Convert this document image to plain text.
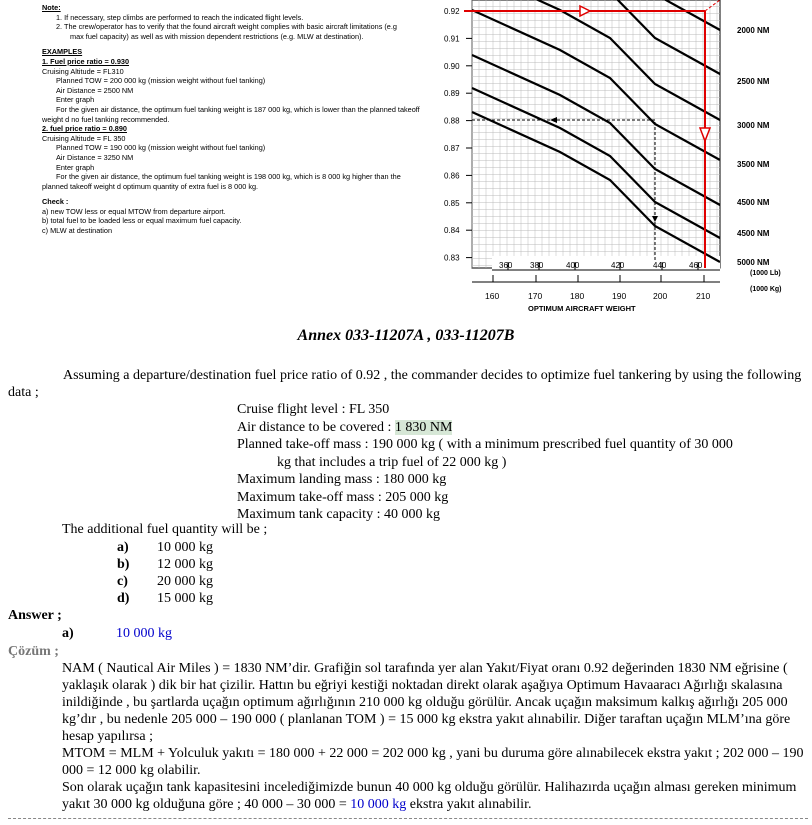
Note:
1. If necessary, step climbs are performed to reach the indicated flight levels.
2. The crew/operator has to verify that the found aircraft weight complies with basic aircraft limitations (e.g
max fuel capacity) as well as with mission dependent restrictions (e.g. MLW at destination).
EXAMPLES
1. Fuel price ratio = 0.930
Cruising Altitude = FL310
Planned TOW = 200 000 kg (mission weight without fuel tanking)
Air Distance = 2500 NM
Enter graph
For the given air distance, the optimum fuel tanking weight is 187 000 kg, which is lower than the planned takeoff
weight d no fuel tanking recommended.
2. fuel price ratio = 0.890
Cruising Altitude = FL 350
Planned TOW = 190 000 kg (mission weight without fuel tanking)
Air Distance = 3250 NM
Enter graph
For the given air distance, the optimum fuel tanking weight is 198 000 kg, which is 8 000 kg higher than the
planned takeoff weight d optimum quantity of extra fuel is 8 000 kg.
Check :
a) new TOW less or equal MTOW from departure airport.
b) total fuel to be loaded less or equal maximum fuel capacity.
c) MLW at destination
0.92
0.91
0.90
0.89
0.88
0.87
0.86
0.85
0.84
0.83
360 380	400	420	440	460
160	170	180	190	200	210
OPTIMUM AIRCRAFT WEIGHT
(1000 Lb)
(1000 Kg)
2000 NM
2500 NM
3000 NM
3500 NM
4500 NM
4500 NM
5000 NM
Annex 033-11207A , 033-11207B
Assuming a departure/destination fuel price ratio of 0.92 , the commander decides to optimize fuel tankering by using the following data ;
Cruise flight level : FL 350
Air distance to be covered : 1 830 NM
Planned take-off mass : 190 000 kg ( with a minimum prescribed fuel quantity of 30 000
kg that includes a trip fuel of 22 000 kg )
Maximum landing mass : 180 000 kg
Maximum take-off mass : 205 000 kg
Maximum tank capacity : 40 000 kg
The additional fuel quantity will be ;
a) 10 000 kg
b) 12 000 kg
c) 20 000 kg
d) 15 000 kg
Answer ;
a)	10 000 kg
Çözüm ;
NAM ( Nautical Air Miles ) = 1830 NM’dir. Grafiğin sol tarafında yer alan Yakıt/Fiyat oranı 0.92 değerinden 1830 NM eğrisine ( yaklaşık olarak ) dik bir hat çizilir. Hattın bu eğriyi kestiği noktadan direkt olarak aşağıya Optimum Havaaracı Ağırlığı skalasına inildiğinde , bu şartlarda uçağın optimum ağırlığının 210 000 kg olduğu görülür. Ancak uçağın maksimum kalkış ağırlığı 205 000 kg’dır , bu nedenle 205 000 – 190 000 ( planlanan TOM ) = 15 000 kg ekstra yakıt alınabilir. Diğer taraftan uçağın MLM’ına göre hesap yapılırsa ;
MTOM = MLM + Yolculuk yakıtı = 180 000 + 22 000 = 202 000 kg , yani bu duruma göre alınabilecek ekstra yakıt ; 202 000 – 190 000 = 12 000 kg olabilir.
Son olarak uçağın tank kapasitesini incelediğimizde bunun 40 000 kg olduğu görülür. Halihazırda uçağın alması gereken minimum yakıt 30 000 kg olduğuna göre ; 40 000 – 30 000 = 10 000 kg ekstra yakıt alınabilir.
